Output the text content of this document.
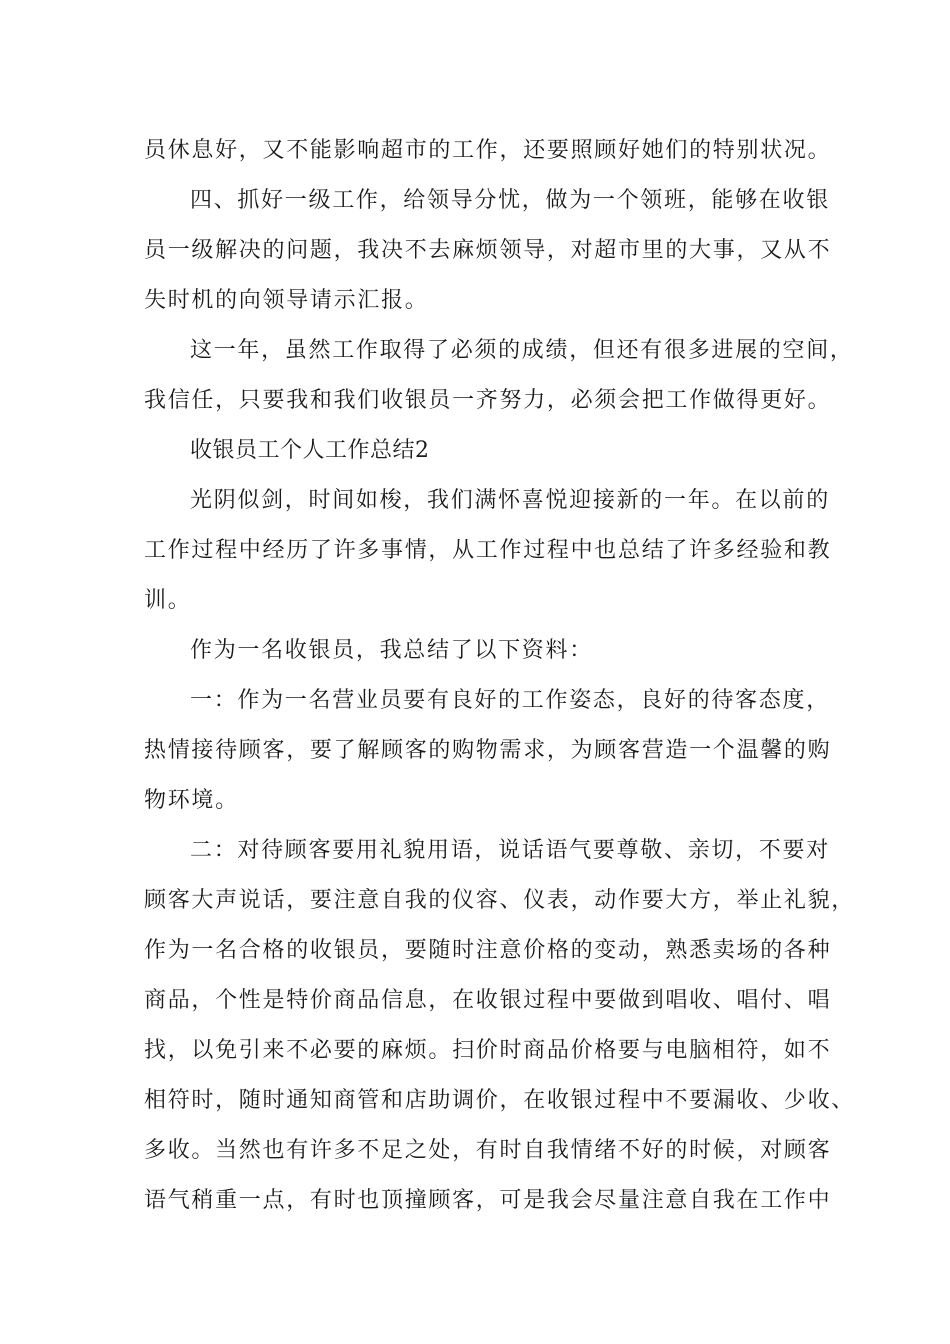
员休息好，又不能影响超市的工作，还要照顾好她们的特别状况。
四、抓好一级工作，给领导分忧，做为一个领班，能够在收银
员一级解决的问题，我决不去麻烦领导，对超市里的大事，又从不
失时机的向领导请示汇报。
这一年，虽然工作取得了必须的成绩，但还有很多进展的空间，
我信任，只要我和我们收银员一齐努力，必须会把工作做得更好。
收银员工个人工作总结2
光阴似剑，时间如梭，我们满怀喜悦迎接新的一年。在以前的
工作过程中经历了许多事情，从工作过程中也总结了许多经验和教
训。
作为一名收银员，我总结了以下资料：
一：作为一名营业员要有良好的工作姿态，良好的待客态度，
热情接待顾客，要了解顾客的购物需求，为顾客营造一个温馨的购
物环境。
二：对待顾客要用礼貌用语，说话语气要尊敬、亲切，不要对
顾客大声说话，要注意自我的仪容、仪表，动作要大方，举止礼貌，
作为一名合格的收银员，要随时注意价格的变动，熟悉卖场的各种
商品，个性是特价商品信息，在收银过程中要做到唱收、唱付、唱
找，以免引来不必要的麻烦。扫价时商品价格要与电脑相符，如不
相符时，随时通知商管和店助调价，在收银过程中不要漏收、少收、
多收。当然也有许多不足之处，有时自我情绪不好的时候，对顾客
语气稍重一点，有时也顶撞顾客，可是我会尽量注意自我在工作中
